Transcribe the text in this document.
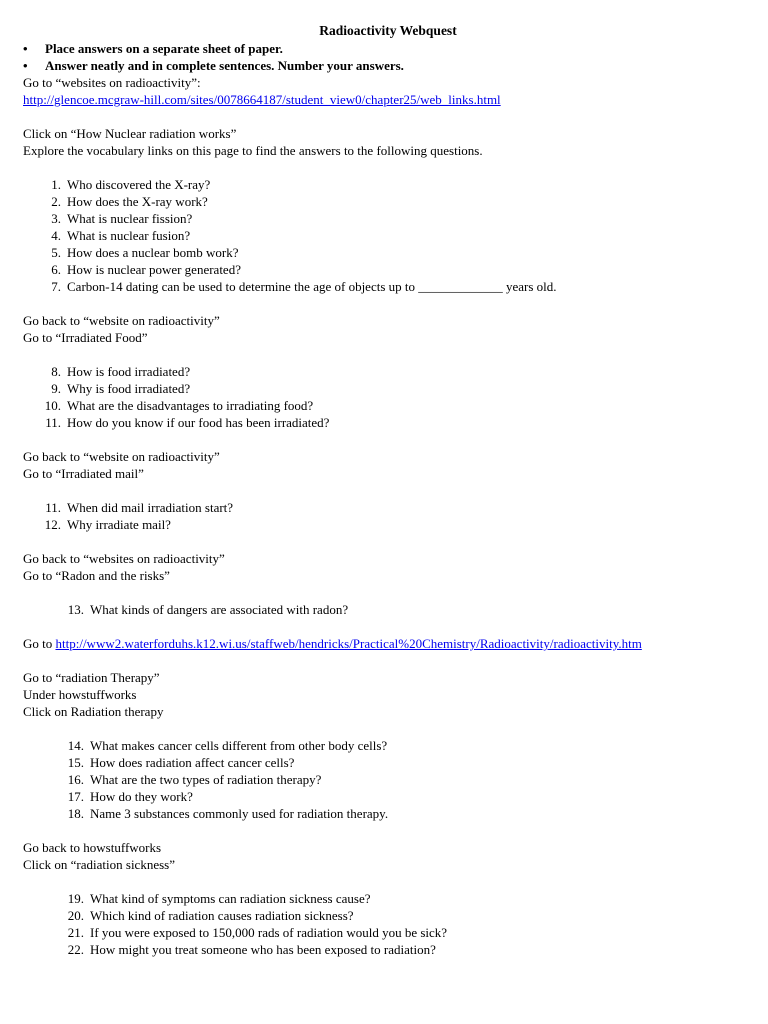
Radioactivity Webquest
• Place answers on a separate sheet of paper.
• Answer neatly and in complete sentences. Number your answers.
Go to “websites on radioactivity”:
http://glencoe.mcgraw-hill.com/sites/0078664187/student_view0/chapter25/web_links.html
Click on “How Nuclear radiation works”
Explore the vocabulary links on this page to find the answers to the following questions.
1. Who discovered the X-ray?
2. How does the X-ray work?
3. What is nuclear fission?
4. What is nuclear fusion?
5. How does a nuclear bomb work?
6. How is nuclear power generated?
7. Carbon-14 dating can be used to determine the age of objects up to _____________ years old.
Go back to “website on radioactivity”
Go to “Irradiated Food”
8. How is food irradiated?
9. Why is food irradiated?
10. What are the disadvantages to irradiating food?
11. How do you know if our food has been irradiated?
Go back to “website on radioactivity”
Go to “Irradiated mail”
11. When did mail irradiation start?
12. Why irradiate mail?
Go back to “websites on radioactivity”
Go to “Radon and the risks”
13. What kinds of dangers are associated with radon?
Go to http://www2.waterforduhs.k12.wi.us/staffweb/hendricks/Practical%20Chemistry/Radioactivity/radioactivity.htm
Go to “radiation Therapy”
Under howstuffworks
Click on Radiation therapy
14. What makes cancer cells different from other body cells?
15. How does radiation affect cancer cells?
16. What are the two types of radiation therapy?
17. How do they work?
18. Name 3 substances commonly used for radiation therapy.
Go back to howstuffworks
Click on “radiation sickness”
19. What kind of symptoms can radiation sickness cause?
20. Which kind of radiation causes radiation sickness?
21. If you were exposed to 150,000 rads of radiation would you be sick?
22. How might you treat someone who has been exposed to radiation?
